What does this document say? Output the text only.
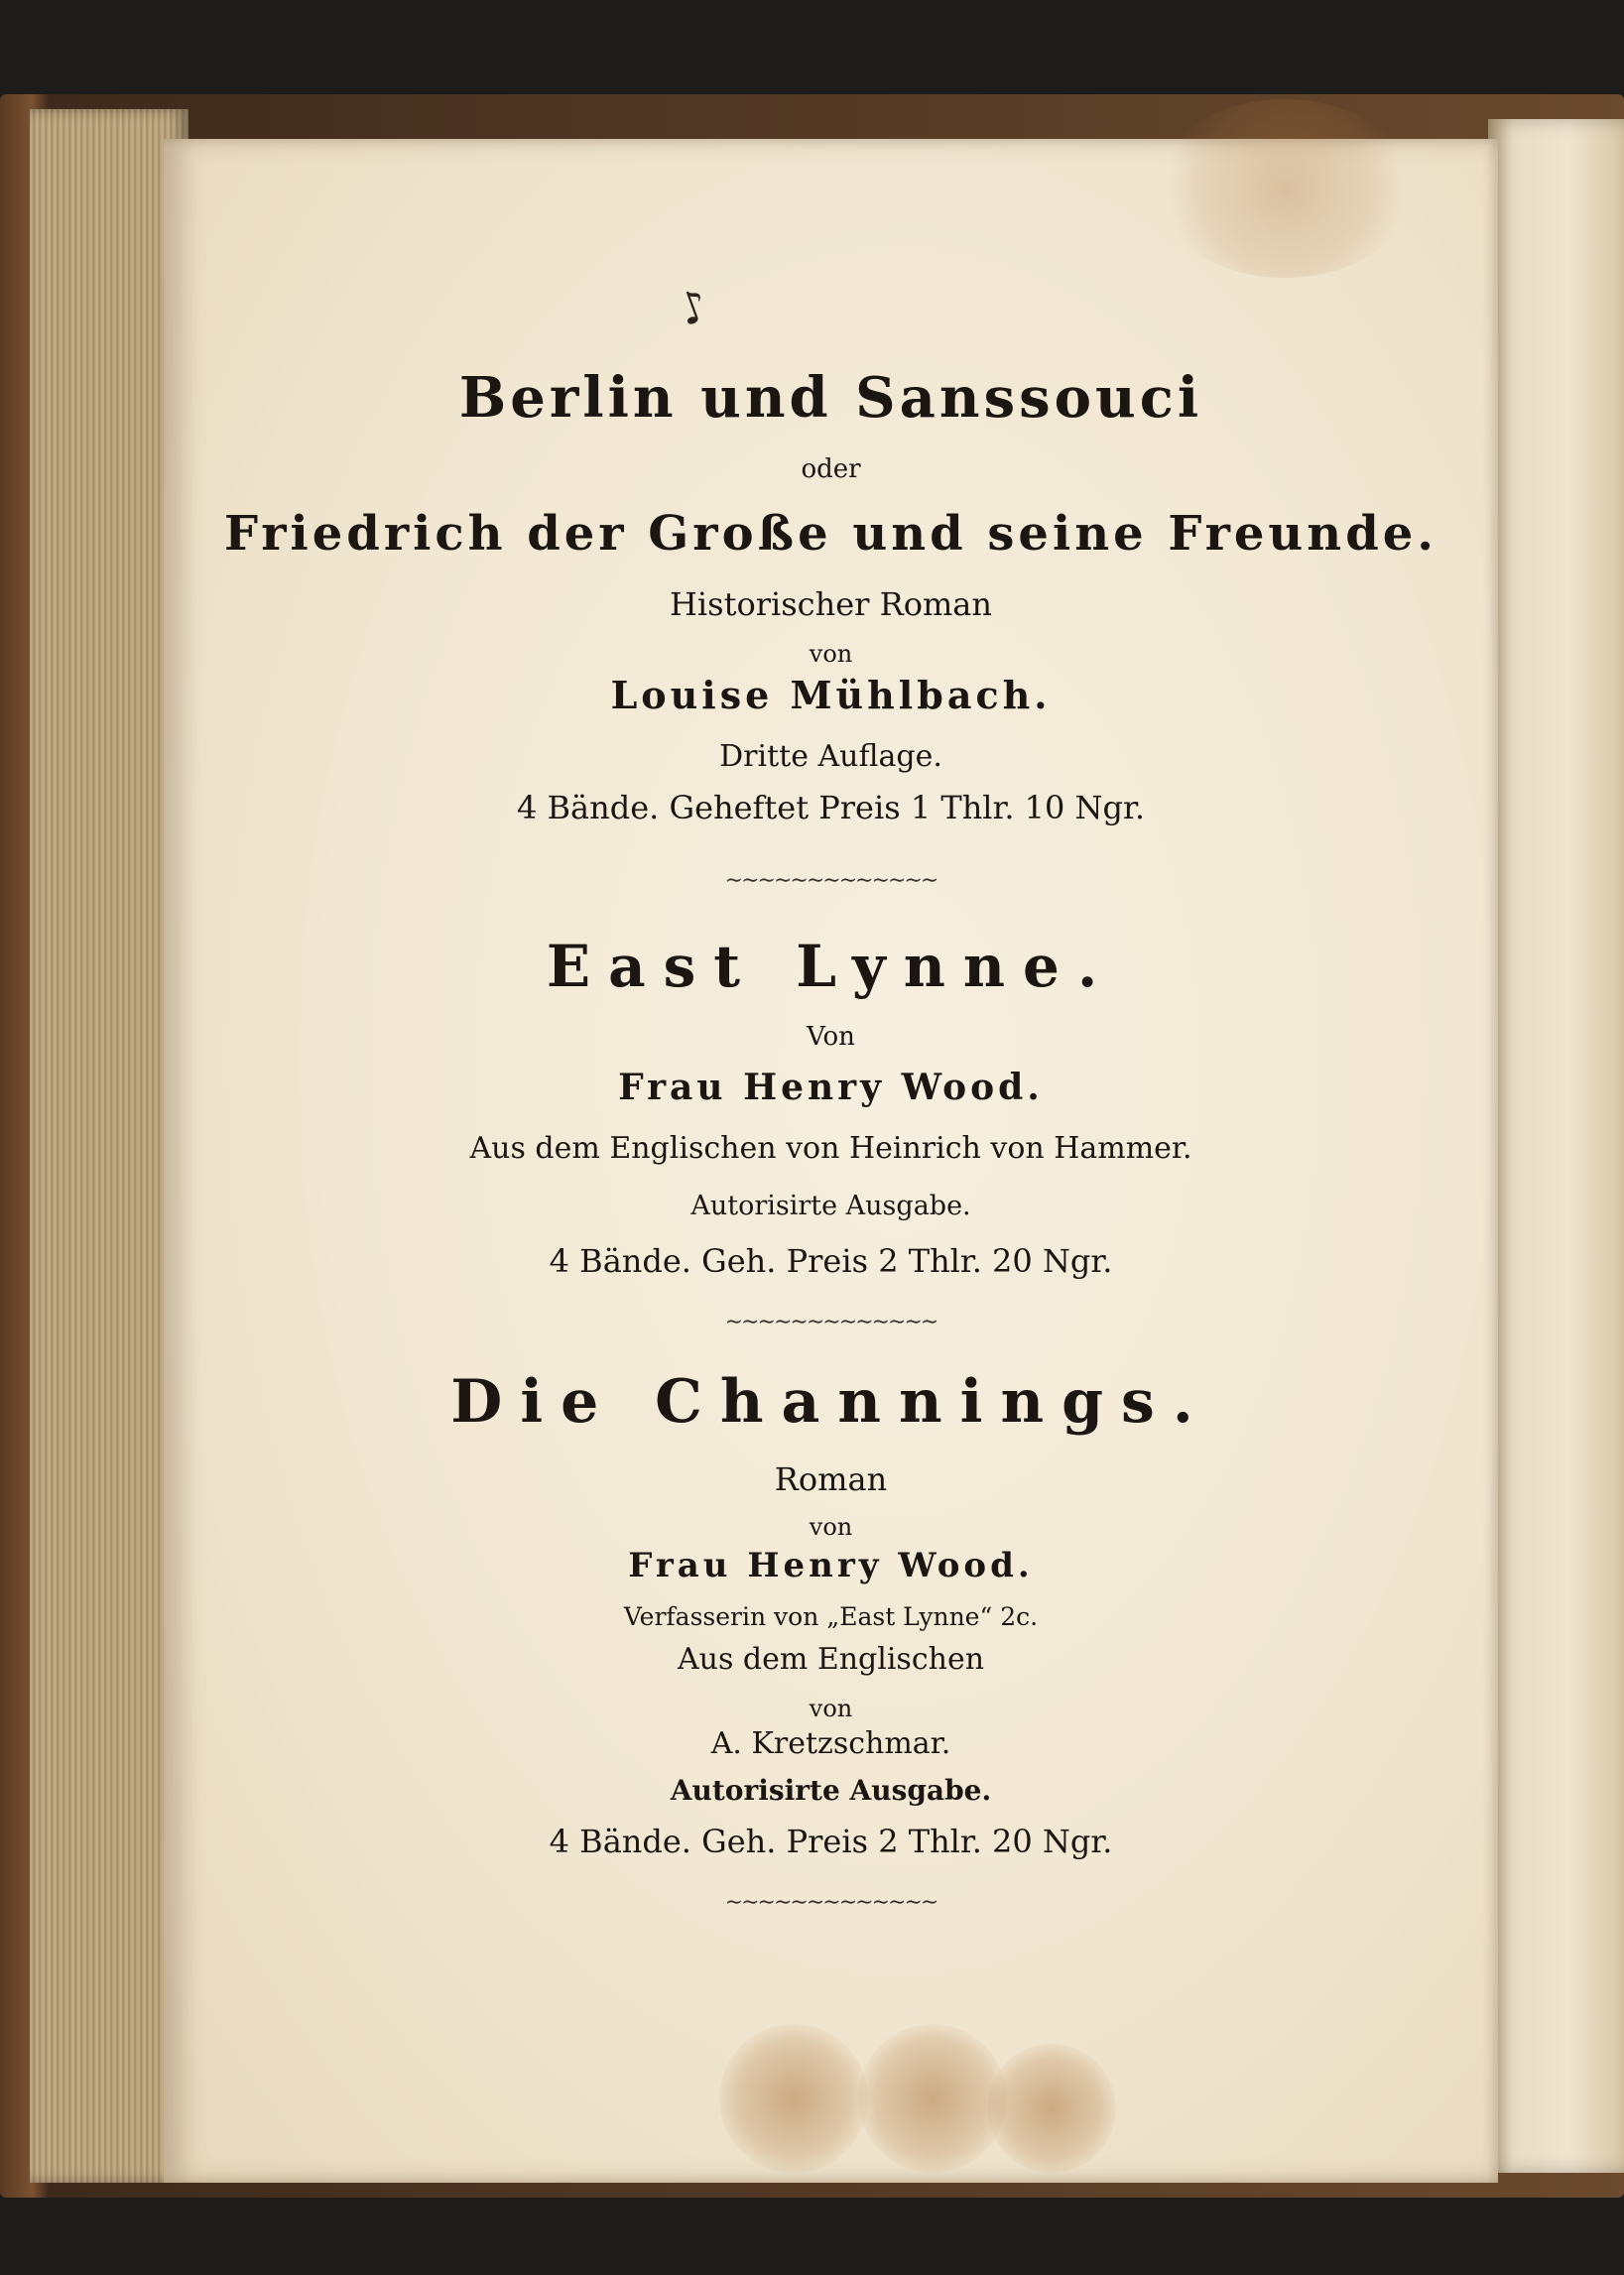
♪
Berlin und Sanssouci
oder
Friedrich der Große und seine Freunde.
Historischer Roman
von
Louise Mühlbach.
Dritte Auflage.
4 Bände. Geheftet Preis 1 Thlr. 10 Ngr.
∼∼∼∼∼∼∼∼∼∼∼∼∼
East Lynne.
Von
Frau Henry Wood.
Aus dem Englischen von Heinrich von Hammer.
Autorisirte Ausgabe.
4 Bände. Geh. Preis 2 Thlr. 20 Ngr.
∼∼∼∼∼∼∼∼∼∼∼∼∼
Die Channings.
Roman
von
Frau Henry Wood.
Verfasserin von „East Lynne“ 2c.
Aus dem Englischen
von
A. Kretzschmar.
Autorisirte Ausgabe.
4 Bände. Geh. Preis 2 Thlr. 20 Ngr.
∼∼∼∼∼∼∼∼∼∼∼∼∼
